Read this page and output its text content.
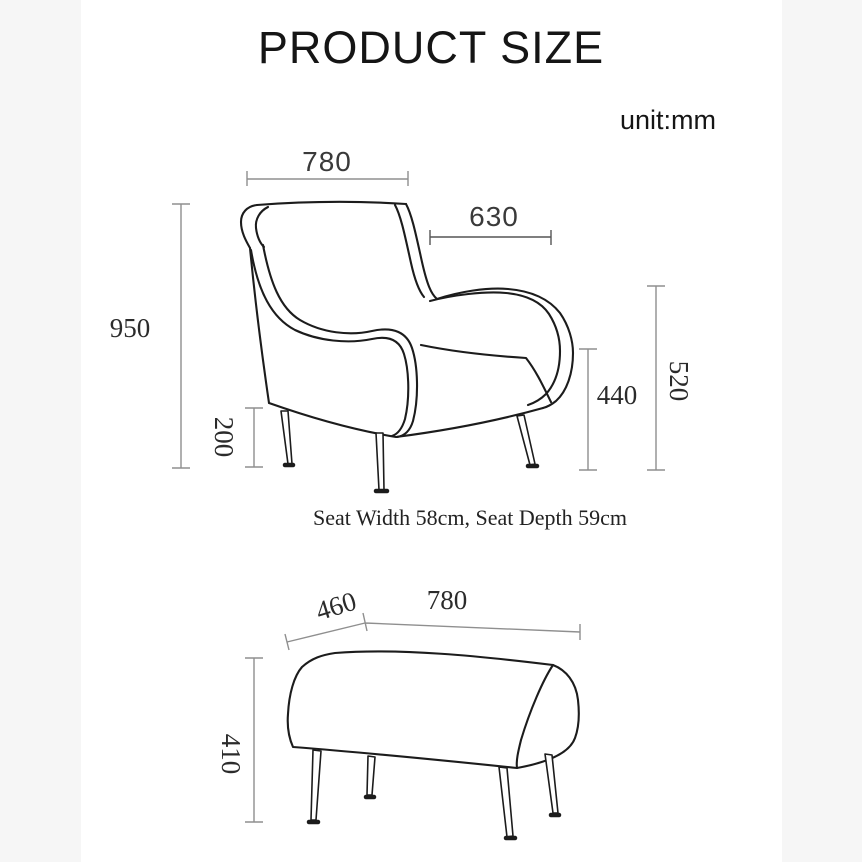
PRODUCT SIZE
unit:mm
780
630
950
200
440 520
460	780
410
Seat Width 58cm, Seat Depth 59cm
